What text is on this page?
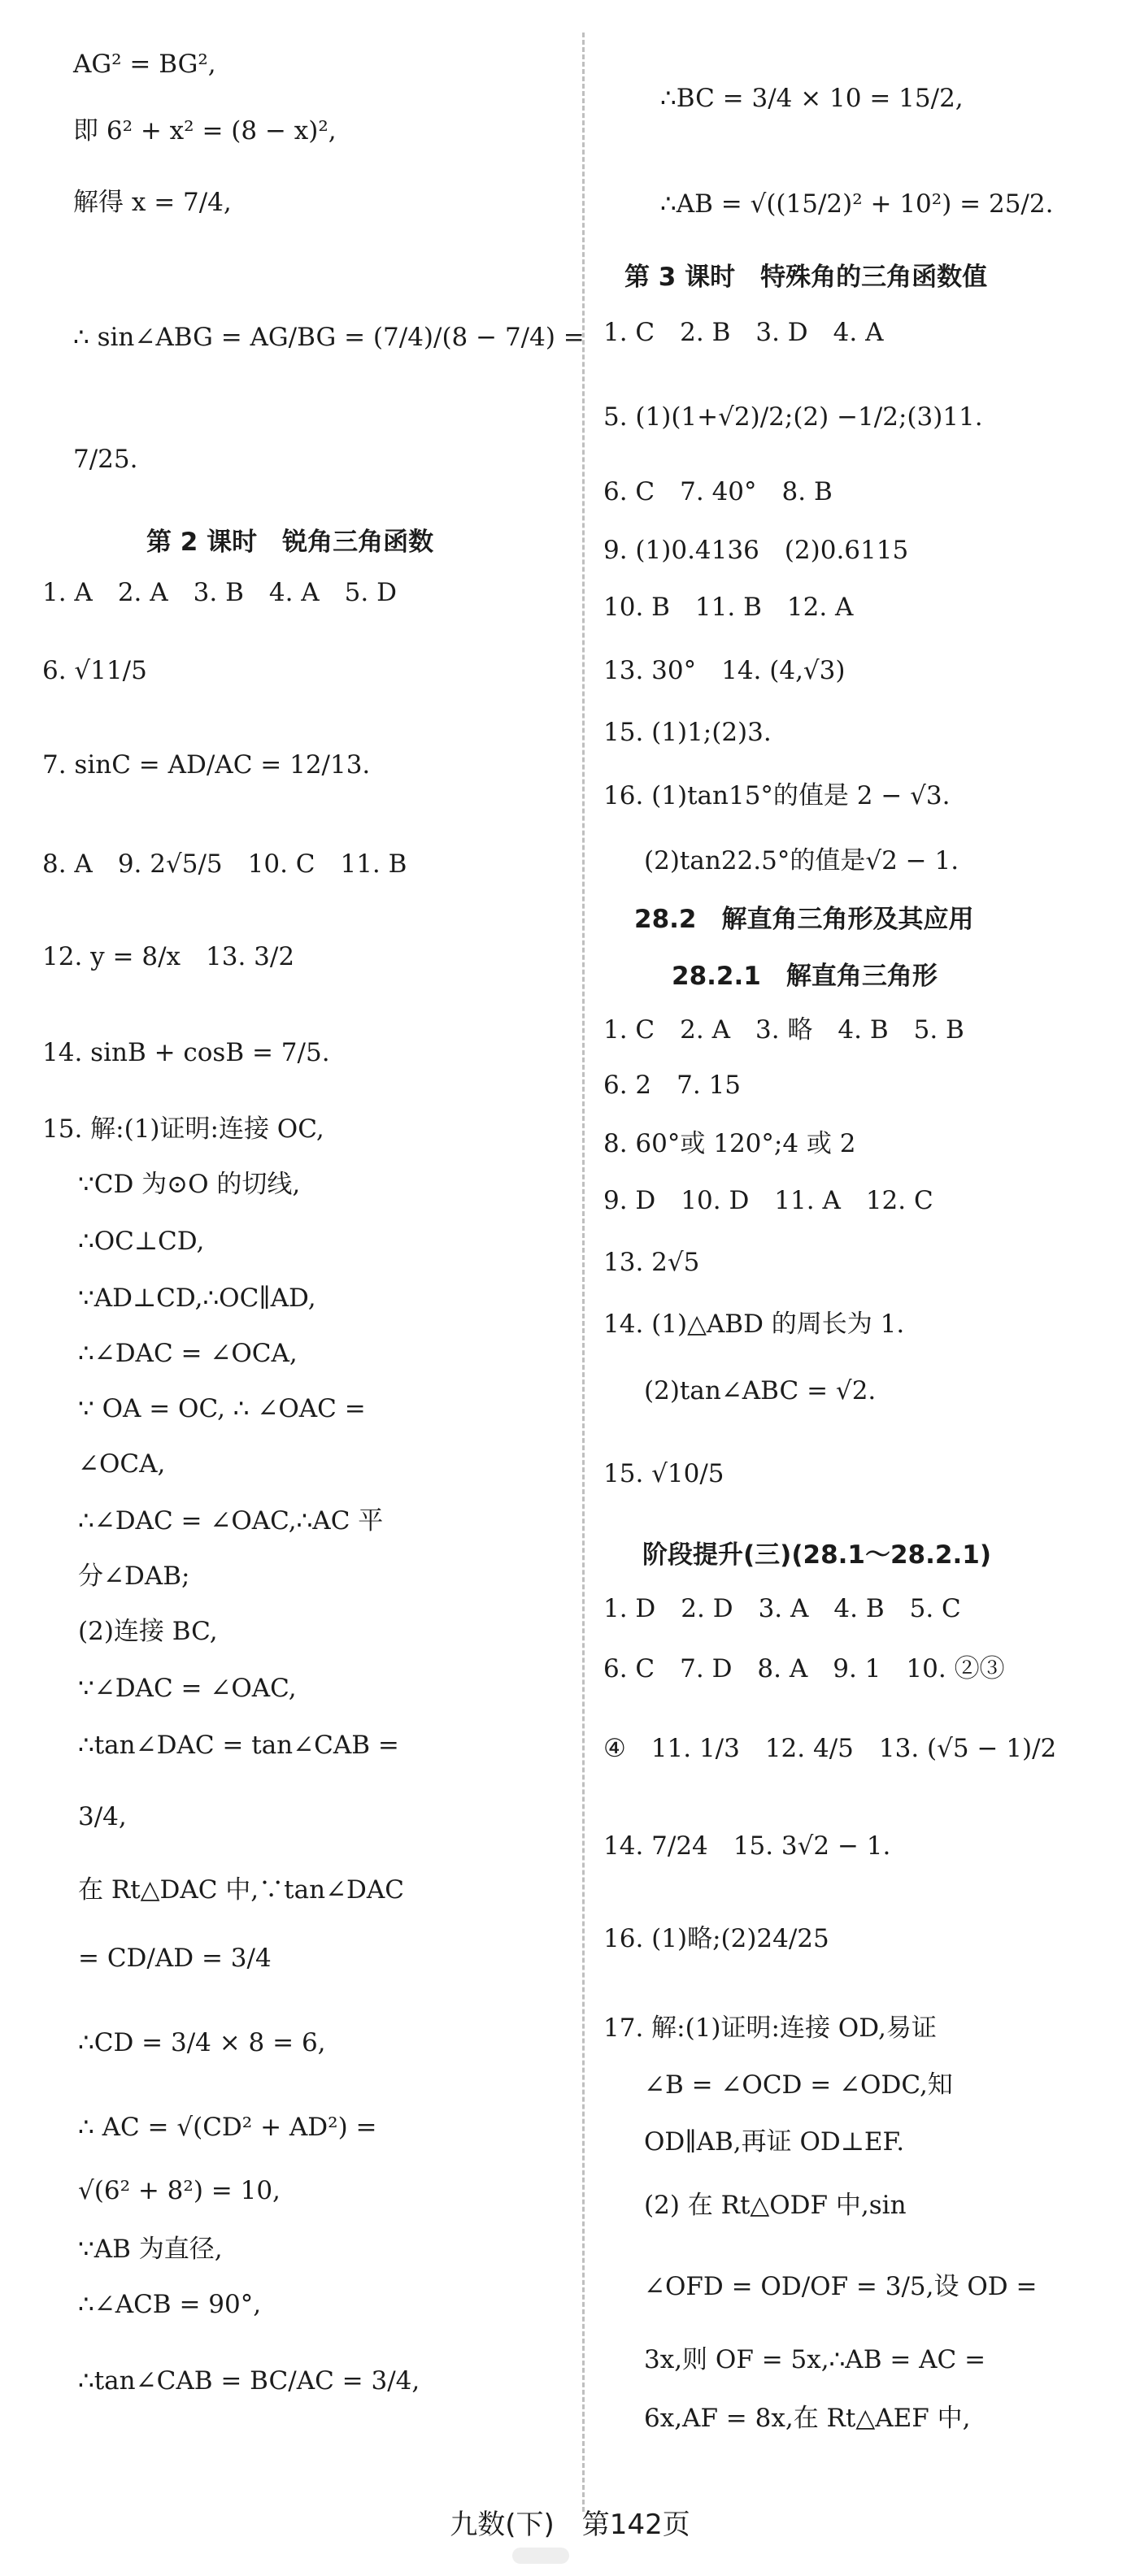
AG² = BG²,
即 6² + x² = (8 − x)²,
解得 x = 7/4,
∴ sin∠ABG = AG/BG = (7/4)/(8 − 7/4) =
7/25.
第 2 课时　锐角三角函数
1. A　2. A　3. B　4. A　5. D
6. √11/5
7. sinC = AD/AC = 12/13.
8. A　9. 2√5/5　10. C　11. B
12. y = 8/x　13. 3/2
14. sinB + cosB = 7/5.
15. 解:(1)证明:连接 OC,
∵CD 为⊙O 的切线,
∴OC⊥CD,
∵AD⊥CD,∴OC∥AD,
∴∠DAC = ∠OCA,
∵ OA = OC, ∴ ∠OAC =
∠OCA,
∴∠DAC = ∠OAC,∴AC 平
分∠DAB;
(2)连接 BC,
∵∠DAC = ∠OAC,
∴tan∠DAC = tan∠CAB =
3/4,
在 Rt△DAC 中,∵tan∠DAC
= CD/AD = 3/4
∴CD = 3/4 × 8 = 6,
∴ AC = √(CD² + AD²) =
√(6² + 8²) = 10,
∵AB 为直径,
∴∠ACB = 90°,
∴tan∠CAB = BC/AC = 3/4,
∴BC = 3/4 × 10 = 15/2,
∴AB = √((15/2)² + 10²) = 25/2.
第 3 课时　特殊角的三角函数值
1. C　2. B　3. D　4. A
5. (1)(1+√2)/2;(2) −1/2;(3)11.
6. C　7. 40°　8. B
9. (1)0.4136　(2)0.6115
10. B　11. B　12. A
13. 30°　14. (4,√3)
15. (1)1;(2)3.
16. (1)tan15°的值是 2 − √3.
(2)tan22.5°的值是√2 − 1.
28.2　解直角三角形及其应用
28.2.1　解直角三角形
1. C　2. A　3. 略　4. B　5. B
6. 2　7. 15
8. 60°或 120°;4 或 2
9. D　10. D　11. A　12. C
13. 2√5
14. (1)△ABD 的周长为 1.
(2)tan∠ABC = √2.
15. √10/5
阶段提升(三)(28.1～28.2.1)
1. D　2. D　3. A　4. B　5. C
6. C　7. D　8. A　9. 1　10. ②③
④　11. 1/3　12. 4/5　13. (√5 − 1)/2
14. 7/24　15. 3√2 − 1.
16. (1)略;(2)24/25
17. 解:(1)证明:连接 OD,易证
∠B = ∠OCD = ∠ODC,知
OD∥AB,再证 OD⊥EF.
(2) 在 Rt△ODF 中,sin
∠OFD = OD/OF = 3/5,设 OD =
3x,则 OF = 5x,∴AB = AC =
6x,AF = 8x,在 Rt△AEF 中,
九数(下)　第142页
